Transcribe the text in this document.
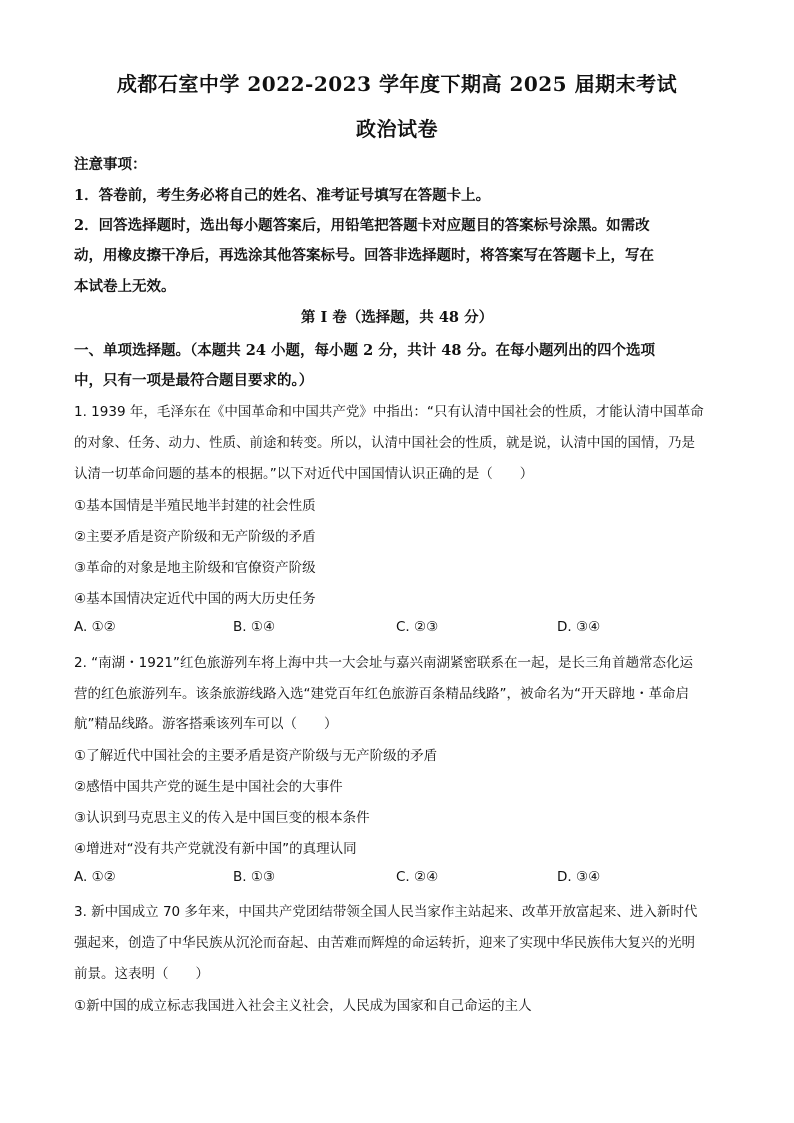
成都石室中学 2022-2023 学年度下期高 2025 届期末考试
政治试卷
注意事项：
1．答卷前，考生务必将自己的姓名、准考证号填写在答题卡上。
2．回答选择题时，选出每小题答案后，用铅笔把答题卡对应题目的答案标号涂黑。如需改
动，用橡皮擦干净后，再选涂其他答案标号。回答非选择题时，将答案写在答题卡上，写在
本试卷上无效。
第 I 卷（选择题，共 48 分）
一、单项选择题。（本题共 24 小题，每小题 2 分，共计 48 分。在每小题列出的四个选项
中，只有一项是最符合题目要求的。）
1. 1939 年，毛泽东在《中国革命和中国共产党》中指出：“只有认清中国社会的性质，才能认清中国革命
的对象、任务、动力、性质、前途和转变。所以，认清中国社会的性质，就是说，认清中国的国情，乃是
认清一切革命问题的基本的根据。”以下对近代中国国情认识正确的是（　　）
①基本国情是半殖民地半封建的社会性质
②主要矛盾是资产阶级和无产阶级的矛盾
③革命的对象是地主阶级和官僚资产阶级
④基本国情决定近代中国的两大历史任务
A. ①②	B. ①④	C. ②③	D. ③④
2. “南湖・1921”红色旅游列车将上海中共一大会址与嘉兴南湖紧密联系在一起，是长三角首趟常态化运
营的红色旅游列车。该条旅游线路入选“建党百年红色旅游百条精品线路”，被命名为“开天辟地・革命启
航”精品线路。游客搭乘该列车可以（　　）
①了解近代中国社会的主要矛盾是资产阶级与无产阶级的矛盾
②感悟中国共产党的诞生是中国社会的大事件
③认识到马克思主义的传入是中国巨变的根本条件
④增进对“没有共产党就没有新中国”的真理认同
A. ①②	B. ①③	C. ②④	D. ③④
3. 新中国成立 70 多年来，中国共产党团结带领全国人民当家作主站起来、改革开放富起来、进入新时代
强起来，创造了中华民族从沉沦而奋起、由苦难而辉煌的命运转折，迎来了实现中华民族伟大复兴的光明
前景。这表明（　　）
①新中国的成立标志我国进入社会主义社会，人民成为国家和自己命运的主人
